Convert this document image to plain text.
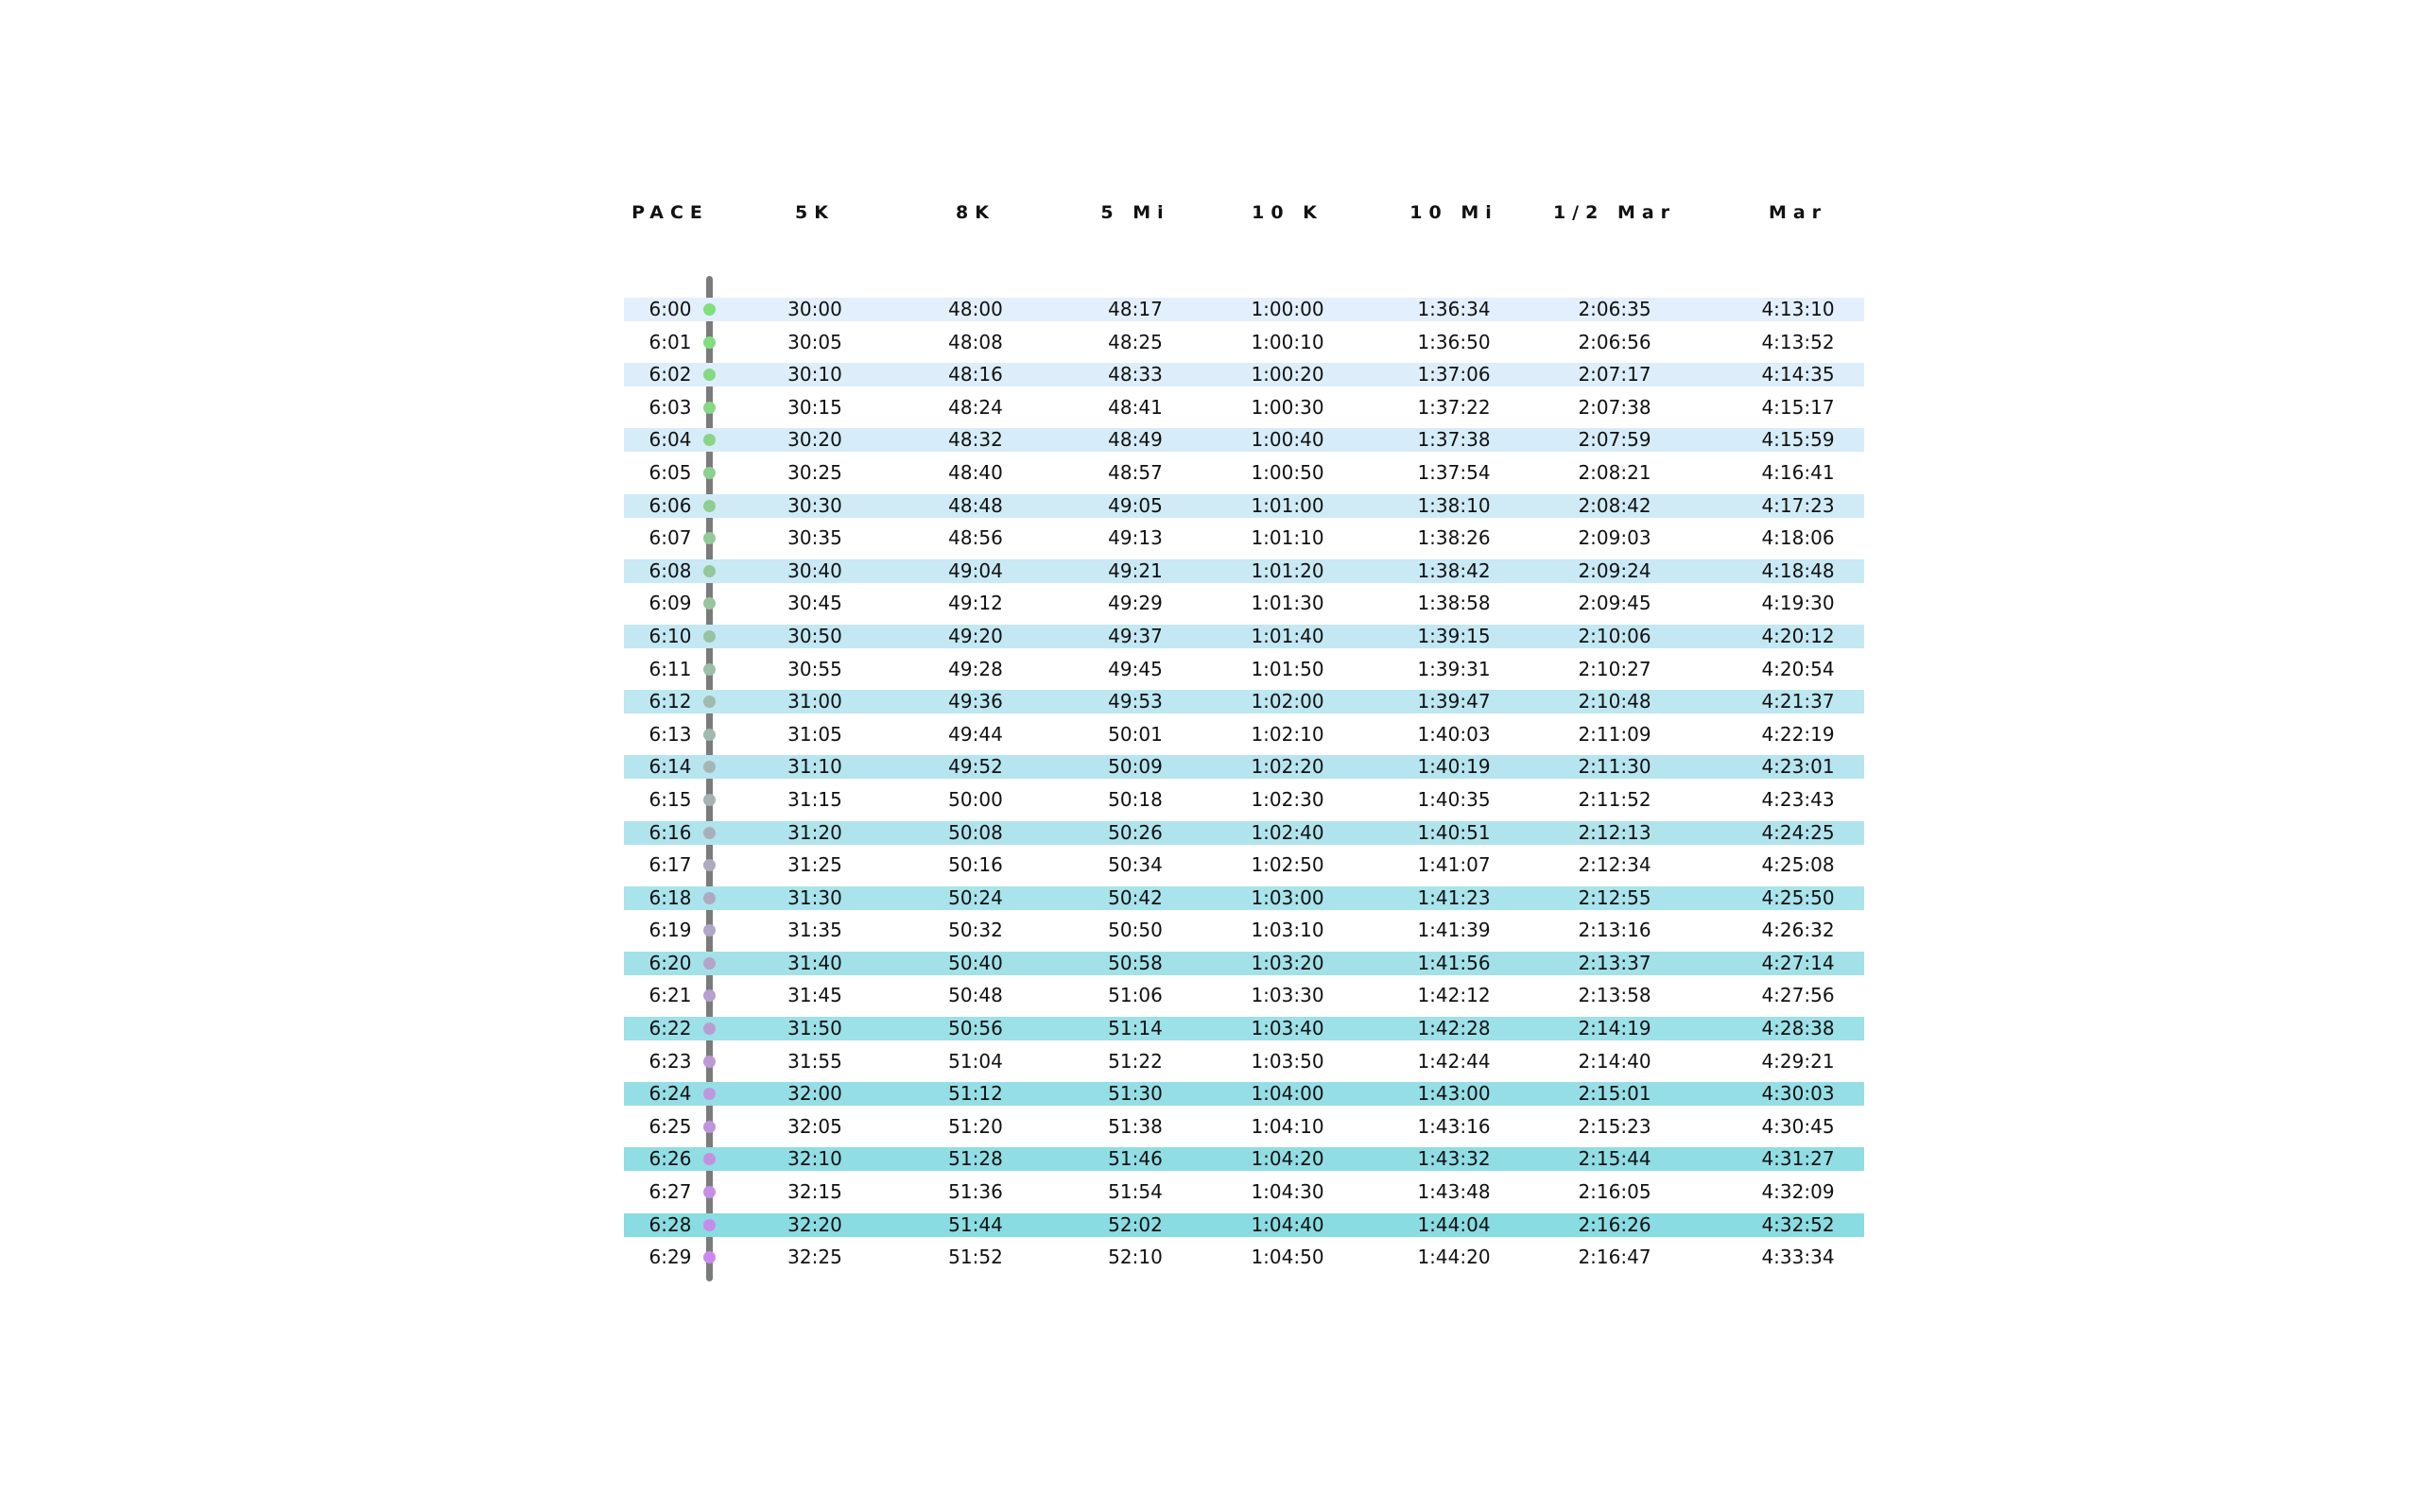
PACE	5K	8K	5 Mi	10 K	10 Mi	1/2 Mar	Mar
6:00	30:00	48:00	48:17	1:00:00	1:36:34	2:06:35	4:13:10
6:01	30:05	48:08	48:25	1:00:10	1:36:50	2:06:56	4:13:52
6:02	30:10	48:16	48:33	1:00:20	1:37:06	2:07:17	4:14:35
6:03	30:15	48:24	48:41	1:00:30	1:37:22	2:07:38	4:15:17
6:04	30:20	48:32	48:49	1:00:40	1:37:38	2:07:59	4:15:59
6:05	30:25	48:40	48:57	1:00:50	1:37:54	2:08:21	4:16:41
6:06	30:30	48:48	49:05	1:01:00	1:38:10	2:08:42	4:17:23
6:07	30:35	48:56	49:13	1:01:10	1:38:26	2:09:03	4:18:06
6:08	30:40	49:04	49:21	1:01:20	1:38:42	2:09:24	4:18:48
6:09	30:45	49:12	49:29	1:01:30	1:38:58	2:09:45	4:19:30
6:10	30:50	49:20	49:37	1:01:40	1:39:15	2:10:06	4:20:12
6:11	30:55	49:28	49:45	1:01:50	1:39:31	2:10:27	4:20:54
6:12	31:00	49:36	49:53	1:02:00	1:39:47	2:10:48	4:21:37
6:13	31:05	49:44	50:01	1:02:10	1:40:03	2:11:09	4:22:19
6:14	31:10	49:52	50:09	1:02:20	1:40:19	2:11:30	4:23:01
6:15	31:15	50:00	50:18	1:02:30	1:40:35	2:11:52	4:23:43
6:16	31:20	50:08	50:26	1:02:40	1:40:51	2:12:13	4:24:25
6:17	31:25	50:16	50:34	1:02:50	1:41:07	2:12:34	4:25:08
6:18	31:30	50:24	50:42	1:03:00	1:41:23	2:12:55	4:25:50
6:19	31:35	50:32	50:50	1:03:10	1:41:39	2:13:16	4:26:32
6:20	31:40	50:40	50:58	1:03:20	1:41:56	2:13:37	4:27:14
6:21	31:45	50:48	51:06	1:03:30	1:42:12	2:13:58	4:27:56
6:22	31:50	50:56	51:14	1:03:40	1:42:28	2:14:19	4:28:38
6:23	31:55	51:04	51:22	1:03:50	1:42:44	2:14:40	4:29:21
6:24	32:00	51:12	51:30	1:04:00	1:43:00	2:15:01	4:30:03
6:25	32:05	51:20	51:38	1:04:10	1:43:16	2:15:23	4:30:45
6:26	32:10	51:28	51:46	1:04:20	1:43:32	2:15:44	4:31:27
6:27	32:15	51:36	51:54	1:04:30	1:43:48	2:16:05	4:32:09
6:28	32:20	51:44	52:02	1:04:40	1:44:04	2:16:26	4:32:52
6:29	32:25	51:52	52:10	1:04:50	1:44:20	2:16:47	4:33:34
